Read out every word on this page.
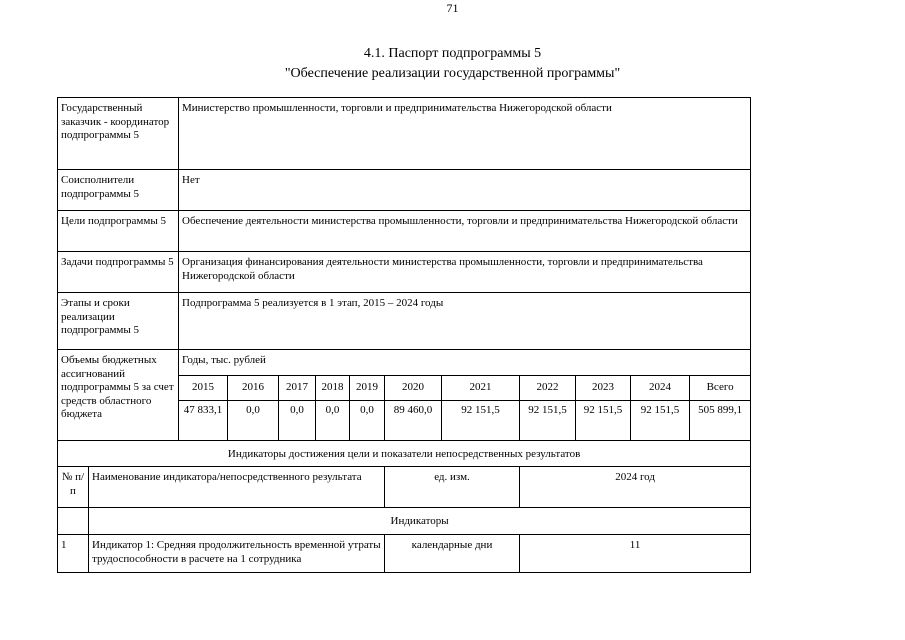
71
4.1. Паспорт подпрограммы 5
"Обеспечение реализации государственной программы"
Государственный заказчик - координатор подпрограммы 5		Министерство промышленности, торговли и предпринимательства Нижегородской области										
Соисполнители подпрограммы 5		Нет										
Цели подпрограммы 5		Обеспечение деятельности министерства промышленности, торговли и предпринимательства Нижегородской области										
Задачи подпрограммы 5		Организация финансирования деятельности министерства промышленности, торговли и предпринимательства Нижегородской области										
Этапы и сроки реализации подпрограммы 5		Подпрограмма 5 реализуется в 1 этап, 2015 – 2024 годы										
Объемы бюджетных ассигнований подпрограммы 5 за счет средств областного бюджета		Годы, тыс. рублей										
		2015	2016	2017	2018	2019	2020	2021	2022	2023	2024	Всего
		47 833,1	0,0	0,0	0,0	0,0	89 460,0	92 151,5	92 151,5	92 151,5	92 151,5	505 899,1
Индикаторы достижения цели и показатели непосредственных результатов												
№ п/п	Наименование индикатора/непосредственного результата						ед. изм.		2024 год			
	Индикаторы											
1	Индикатор 1: Средняя продолжительность временной утраты трудоспособности в расчете на 1 сотрудника						календарные дни		11			
